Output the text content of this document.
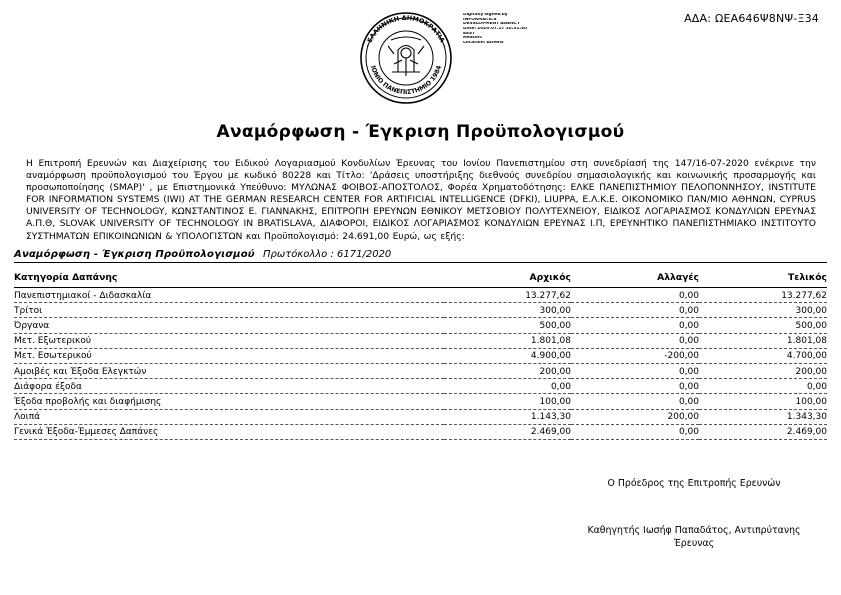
ΑΔΑ: ΩΕΑ646Ψ8ΝΨ-Ξ34
· ΕΛΛΗΝΙΚΗ ΔΗΜΟΚΡΑΤΙΑ ·
ΙΟΝΙΟ ΠΑΝΕΠΙΣΤΗΜΙΟ 1984
Digitally signed by
INFORMATICS
DEVELOPMENT AGENCY
Date: 2020.07.17 10:31:30
EEST
Reason:
Location: Athens
Αναμόρφωση - Έγκριση Προϋπολογισμού
Η Επιτροπή Ερευνών και Διαχείρισης του Ειδικού Λογαριασμού Κονδυλίων Έρευνας του Ιονίου Πανεπιστημίου στη συνεδρίασή της 147/16-07-2020 ενέκρινε την αναμόρφωση προϋπολογισμού του Έργου με κωδικό 80228 και Τίτλο: 'Δράσεις υποστήριξης διεθνούς συνεδρίου σημασιολογικής και κοινωνικής προσαρμογής και προσωποποίησης (SMAP)' , με Επιστημονικά Υπεύθυνο: ΜΥΛΩΝΑΣ ΦΟΙΒΟΣ-ΑΠΟΣΤΟΛΟΣ, Φορέα Χρηματοδότησης: ΕΛΚΕ ΠΑΝΕΠΙΣΤΗΜΙΟΥ ΠΕΛΟΠΟΝΝΗΣΟΥ, INSTITUTE FOR INFORMATION SYSTEMS (IWI) AT THE GERMAN RESEARCH CENTER FOR ARTIFICIAL INTELLIGENCE (DFKI), LIUPPA, Ε.Λ.Κ.Ε. ΟΙΚΟΝΟΜΙΚΟ ΠΑΝ/ΜΙΟ ΑΘΗΝΩΝ, CYPRUS UNIVERSITY OF TECHNOLOGY, ΚΩΝΣΤΑΝΤΙΝΟΣ Ε. ΓΙΑΝΝΑΚΗΣ, ΕΠΙΤΡΟΠΗ ΕΡΕΥΝΩΝ ΕΘΝΙΚΟΥ ΜΕΤΣΟΒΙΟΥ ΠΟΛΥΤΕΧΝΕΙΟΥ, ΕΙΔΙΚΟΣ ΛΟΓΑΡΙΑΣΜΟΣ ΚΟΝΔΥΛΙΩΝ ΕΡΕΥΝΑΣ Α.Π.Θ, SLOVAK UNIVERSITY OF TECHNOLOGY IN BRATISLAVA, ΔΙΑΦΟΡΟΙ, ΕΙΔΙΚΟΣ ΛΟΓΑΡΙΑΣΜΟΣ ΚΟΝΔΥΛΙΩΝ ΕΡΕΥΝΑΣ Ι.Π, ΕΡΕΥΝΗΤΙΚΟ ΠΑΝΕΠΙΣΤΗΜΙΑΚΟ ΙΝΣΤΙΤΟΥΤΟ ΣΥΣΤΗΜΑΤΩΝ ΕΠΙΚΟΙΝΩΝΙΩΝ & ΥΠΟΛΟΓΙΣΤΩΝ και Προϋπολογισμό: 24.691,00 Ευρώ, ως εξής:
Αναμόρφωση - Έγκριση Προϋπολογισμού Πρωτόκολλο : 6171/2020
Κατηγορία Δαπάνης	Αρχικός	Αλλαγές	Τελικός
Πανεπιστημιακοί - Διδασκαλία	13.277,62	0,00	13.277,62
Τρίτοι	300,00	0,00	300,00
Όργανα	500,00	0,00	500,00
Μετ. Εξωτερικού	1.801,08	0,00	1.801,08
Μετ. Εσωτερικού	4.900,00	-200,00	4.700,00
Αμοιβές και Έξοδα Ελεγκτών	200,00	0,00	200,00
Διάφορα έξοδα	0,00	0,00	0,00
Έξοδα προβολής και διαφήμισης	100,00	0,00	100,00
Λοιπά	1.143,30	200,00	1.343,30
Γενικά Έξοδα-Έμμεσες Δαπάνες	2.469,00	0,00	2.469,00
Ο Πρόεδρος της Επιτροπής Ερευνών
Καθηγητής Ιωσήφ Παπαδάτος, Αντιπρύτανης
Έρευνας
